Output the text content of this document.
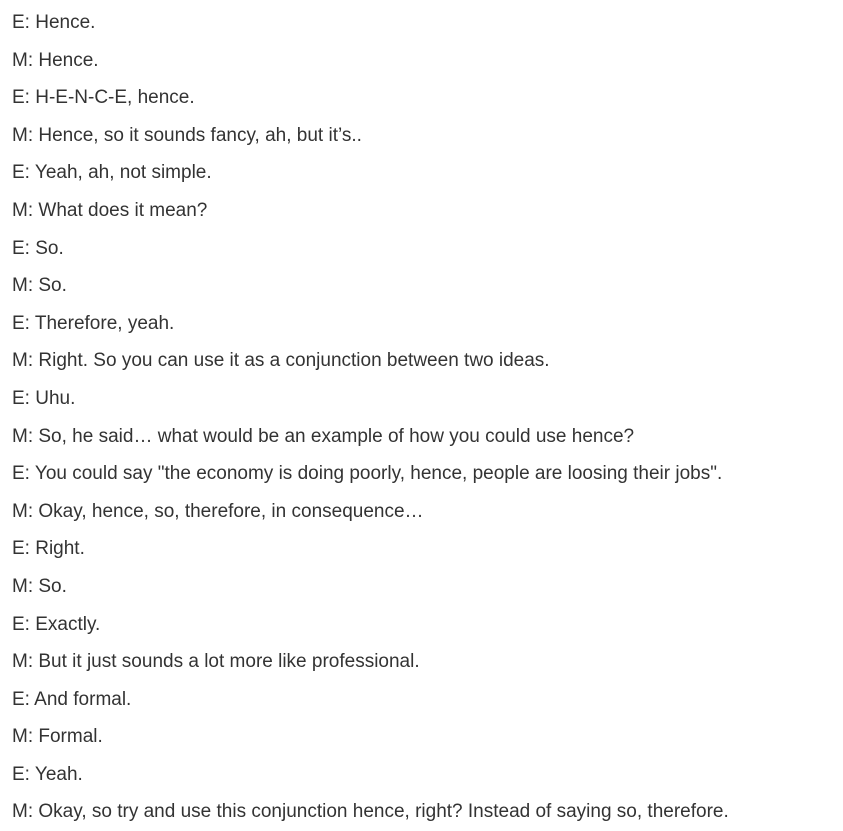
E: Hence.

M: Hence.

E: H-E-N-C-E, hence.

M: Hence, so it sounds fancy, ah, but it’s..

E: Yeah, ah, not simple.

M: What does it mean?

E: So.

M: So.

E: Therefore, yeah.

M: Right. So you can use it as a conjunction between two ideas.

E: Uhu.

M: So, he said… what would be an example of how you could use hence?

E: You could say "the economy is doing poorly, hence, people are loosing their jobs".

M: Okay, hence, so, therefore, in consequence…

E: Right.

M: So.

E: Exactly.

M: But it just sounds a lot more like professional.

E: And formal.

M: Formal.

E: Yeah.

M: Okay, so try and use this conjunction hence, right? Instead of saying so, therefore.
